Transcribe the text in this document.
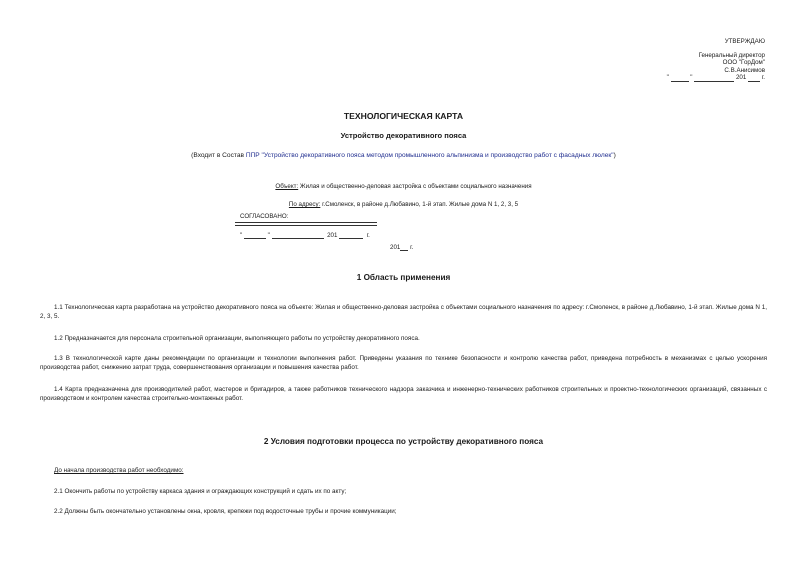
УТВЕРЖДАЮ
Генеральный директор
ООО "ГорДом"
С.В.Анисимов
"	"	201 г.
ТЕХНОЛОГИЧЕСКАЯ КАРТА
Устройство декоративного пояса
(Входит в Состав ППР "Устройство декоративного пояса методом промышленного альпинизма и производство работ с фасадных люлек")
Объект: Жилая и общественно-деловая застройка с объектами социального назначения
По адресу: г.Смоленск, в районе д.Любавино, 1-й этап. Жилые дома N 1, 2, 3, 5
СОГЛАСОВАНО:
"	"	201	г.
201 г.
1 Область применения
1.1 Технологическая карта разработана на устройство декоративного пояса на объекте: Жилая и общественно-деловая застройка с объектами социального назначения по адресу: г.Смоленск, в районе д.Любавино, 1-й этап. Жилые дома N 1, 2, 3, 5.
1.2 Предназначается для персонала строительной организации, выполняющего работы по устройству декоративного пояса.
1.3 В технологической карте даны рекомендации по организации и технологии выполнения работ. Приведены указания по технике безопасности и контролю качества работ, приведена потребность в механизмах с целью ускорения производства работ, снижению затрат труда, совершенствования организации и повышения качества работ.
1.4 Карта предназначена для производителей работ, мастеров и бригадиров, а также работников технического надзора заказчика и инженерно-технических работников строительных и проектно-технологических организаций, связанных с производством и контролем качества строительно-монтажных работ.
2 Условия подготовки процесса по устройству декоративного пояса
До начала производства работ необходимо:
2.1 Окончить работы по устройству каркаса здания и ограждающих конструкций и сдать их по акту;
2.2 Должны быть окончательно установлены окна, кровля, крепежи под водосточные трубы и прочие коммуникации;
